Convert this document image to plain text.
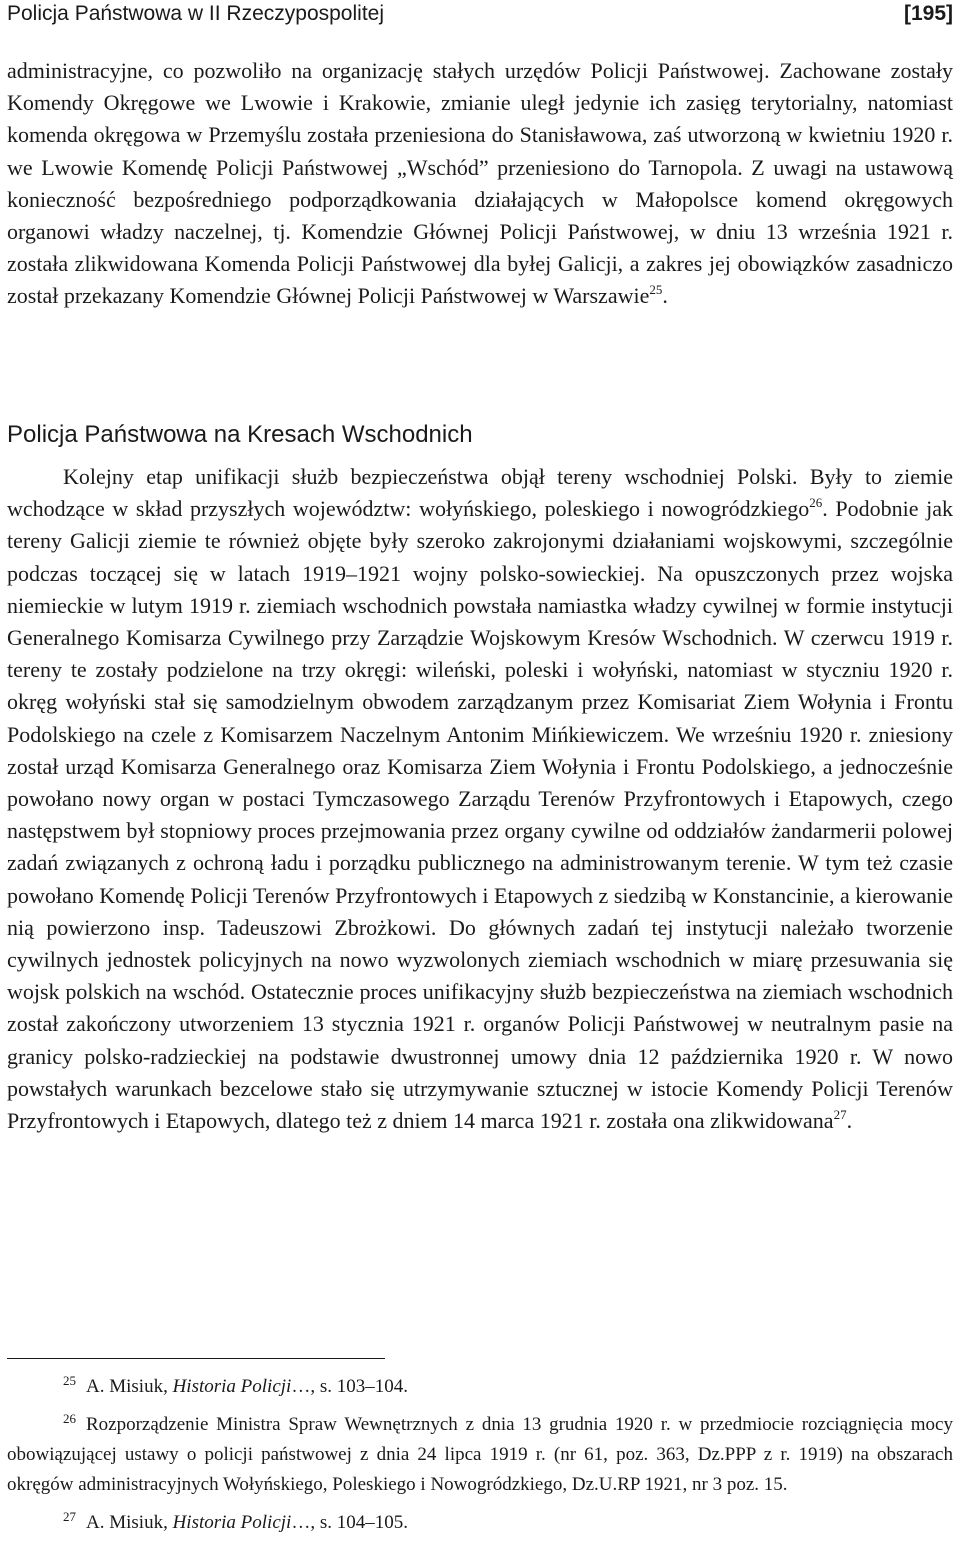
Policja Państwowa w II Rzeczypospolitej	[195]

administracyjne, co pozwoliło na organizację stałych urzędów Policji Państwowej. Zachowane zostały Komendy Okręgowe we Lwowie i Krakowie, zmianie uległ jedynie ich zasięg terytorialny, natomiast komenda okręgowa w Przemyślu została przeniesiona do Stanisławowa, zaś utworzoną w kwietniu 1920 r. we Lwowie Komendę Policji Państwowej „Wschód” przeniesiono do Tarnopola. Z uwagi na ustawową konieczność bezpośredniego podporządkowania działających w Małopolsce komend okręgowych organowi władzy naczelnej, tj. Komendzie Głównej Policji Państwowej, w dniu 13 września 1921 r. została zlikwidowana Komenda Policji Państwowej dla byłej Galicji, a zakres jej obowiązków zasadniczo został przekazany Komendzie Głównej Policji Państwowej w Warszawie$^{25}$.

Policja Państwowa na Kresach Wschodnich

Kolejny etap unifikacji służb bezpieczeństwa objął tereny wschodniej Polski. Były to ziemie wchodzące w skład przyszłych województw: wołyńskiego, poleskiego i nowogródzkiego$^{26}$. Podobnie jak tereny Galicji ziemie te również objęte były szeroko zakrojonymi działaniami wojskowymi, szczególnie podczas toczącej się w latach 1919–1921 wojny polsko-sowieckiej. Na opuszczonych przez wojska niemieckie w lutym 1919 r. ziemiach wschodnich powstała namiastka władzy cywilnej w formie instytucji Generalnego Komisarza Cywilnego przy Zarządzie Wojskowym Kresów Wschodnich. W czerwcu 1919 r. tereny te zostały podzielone na trzy okręgi: wileński, poleski i wołyński, natomiast w styczniu 1920 r. okręg wołyński stał się samodzielnym obwodem zarządzanym przez Komisariat Ziem Wołynia i Frontu Podolskiego na czele z Komisarzem Naczelnym Antonim Mińkiewiczem. We wrześniu 1920 r. zniesiony został urząd Komisarza Generalnego oraz Komisarza Ziem Wołynia i Frontu Podolskiego, a jednocześnie powołano nowy organ w postaci Tymczasowego Zarządu Terenów Przyfrontowych i Etapowych, czego następstwem był stopniowy proces przejmowania przez organy cywilne od oddziałów żandarmerii polowej zadań związanych z ochroną ładu i porządku publicznego na administrowanym terenie. W tym też czasie powołano Komendę Policji Terenów Przyfrontowych i Etapowych z siedzibą w Konstancinie, a kierowanie nią powierzono insp. Tadeuszowi Zbrożkowi. Do głównych zadań tej instytucji należało tworzenie cywilnych jednostek policyjnych na nowo wyzwolonych ziemiach wschodnich w miarę przesuwania się wojsk polskich na wschód. Ostatecznie proces unifikacyjny służb bezpieczeństwa na ziemiach wschodnich został zakończony utworzeniem 13 stycznia 1921 r. organów Policji Państwowej w neutralnym pasie na granicy polsko-radzieckiej na podstawie dwustronnej umowy dnia 12 października 1920 r. W nowo powstałych warunkach bezcelowe stało się utrzymywanie sztucznej w istocie Komendy Policji Terenów Przyfrontowych i Etapowych, dlatego też z dniem 14 marca 1921 r. została ona zlikwidowana$^{27}$.

$^{25}$ A. Misiuk, Historia Policji…, s. 103–104.

$^{26}$ Rozporządzenie Ministra Spraw Wewnętrznych z dnia 13 grudnia 1920 r. w przedmiocie rozciągnięcia mocy obowiązującej ustawy o policji państwowej z dnia 24 lipca 1919 r. (nr 61, poz. 363, Dz.PPP z r. 1919) na obszarach okręgów administracyjnych Wołyńskiego, Poleskiego i Nowogródzkiego, Dz.U.RP 1921, nr 3 poz. 15.

$^{27}$ A. Misiuk, Historia Policji…, s. 104–105.
